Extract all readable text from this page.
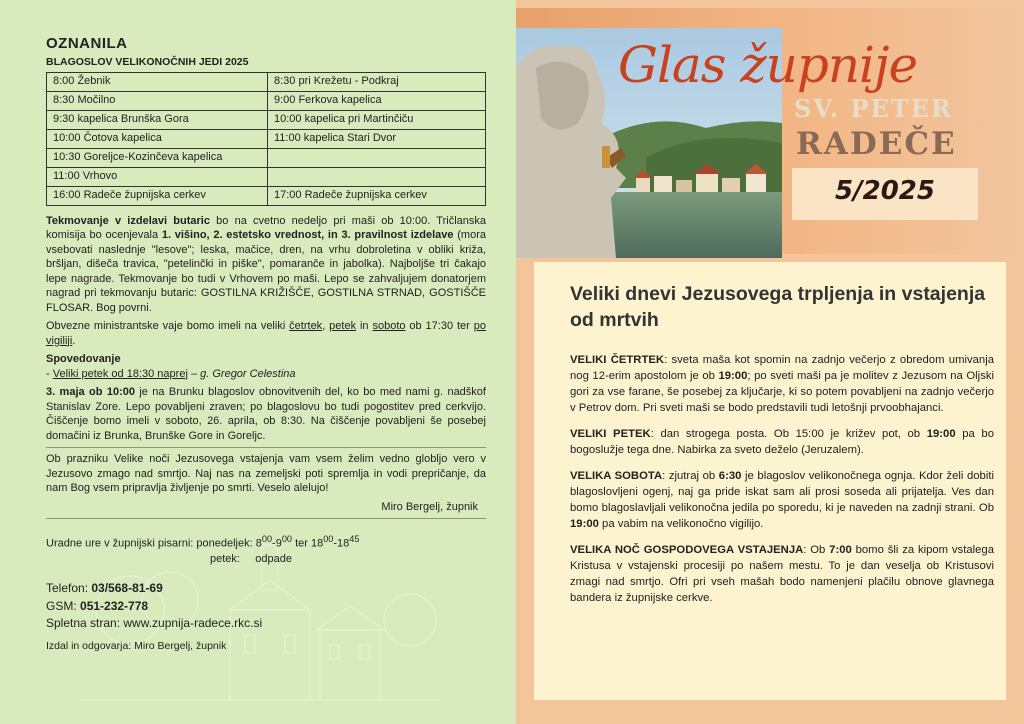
OZNANILA
BLAGOSLOV VELIKONOČNIH JEDI 2025
8:00 Žebnik	8:30 pri Krežetu - Podkraj
8:30 Močilno	9:00 Ferkova kapelica
9:30 kapelica Brunška Gora	10:00 kapelica pri Martinčiču
10:00 Čotova kapelica	11:00 kapelica Stari Dvor
10:30 Goreljce-Kozinčeva kapelica	
11:00 Vrhovo	
16:00 Radeče župnijska cerkev	17:00 Radeče župnijska cerkev

Tekmovanje v izdelavi butaric bo na cvetno nedeljo pri maši ob 10:00. Tričlanska komisija bo ocenjevala 1. višino, 2. estetsko vrednost, in 3. pravilnost izdelave (mora vsebovati naslednje "lesove"; leska, mačice, dren, na vrhu dobroletina v obliki križa, bršljan, dišeča travica, "petelinčki in piške", pomaranče in jabolka). Najboljše tri čakajo lepe nagrade. Tekmovanje bo tudi v Vrhovem po maši. Lepo se zahvaljujem donatorjem nagrad pri tekmovanju butaric: GOSTILNA KRIŽIŠČE, GOSTILNA STRNAD, GOSTIŠČE FLOSAR. Bog povrni.

Obvezne ministrantske vaje bomo imeli na veliki četrtek, petek in soboto ob 17:30 ter po vigiliji.

Spovedovanje
- Veliki petek od 18:30 naprej – g. Gregor Celestina

3. maja ob 10:00 je na Brunku blagoslov obnovitvenih del, ko bo med nami g. nadškof Stanislav Zore. Lepo povabljeni zraven; po blagoslovu bo tudi pogostitev pred cerkvijo. Čiščenje bomo imeli v soboto, 26. aprila, ob 8:30. Na čiščenje povabljeni še posebej domačini iz Brunka, Brunške Gore in Goreljc.

Ob prazniku Velike noči Jezusovega vstajenja vam vsem želim vedno globljo vero v Jezusovo zmago nad smrtjo. Naj nas na zemeljski poti spremlja in vodi prepričanje, da nam Bog vsem pripravlja življenje po smrti. Veselo alelujo!

Miro Bergelj, župnik
Uradne ure v župnijski pisarni: ponedeljek: $8^{00}-9^{00}$ ter $18^{00}-18^{45}$
petek: odpade
Telefon: 03/568-81-69
GSM: 051-232-778
Spletna stran: www.zupnija-radece.rkc.si
Izdal in odgovarja: Miro Bergelj, župnik
Glas župnije
SV. PETER
RADEČE
5/2025
Veliki dnevi Jezusovega trpljenja in vstajenja od mrtvih

VELIKI ČETRTEK: sveta maša kot spomin na zadnjo večerjo z obredom umivanja nog 12-erim apostolom je ob 19:00; po sveti maši pa je molitev z Jezusom na Oljski gori za vse farane, še posebej za ključarje, ki so potem povabljeni na zadnjo večerjo v Petrov dom. Pri sveti maši se bodo predstavili tudi letošnji prvoobhajanci.

VELIKI PETEK: dan strogega posta. Ob 15:00 je križev pot, ob 19:00 pa bo bogoslužje tega dne. Nabirka za sveto deželo (Jeruzalem).

VELIKA SOBOTA: zjutraj ob 6:30 je blagoslov velikonočnega ognja. Kdor želi dobiti blagoslovljeni ogenj, naj ga pride iskat sam ali prosi soseda ali prijatelja. Ves dan bomo blagoslavljali velikonočna jedila po sporedu, ki je naveden na zadnji strani. Ob 19:00 pa vabim na velikonočno vigilijo.

VELIKA NOČ GOSPODOVEGA VSTAJENJA: Ob 7:00 bomo šli za kipom vstalega Kristusa v vstajenski procesiji po našem mestu. To je dan veselja ob Kristusovi zmagi nad smrtjo. Ofri pri vseh mašah bodo namenjeni plačilu obnove glavnega bandera iz župnijske cerkve.
